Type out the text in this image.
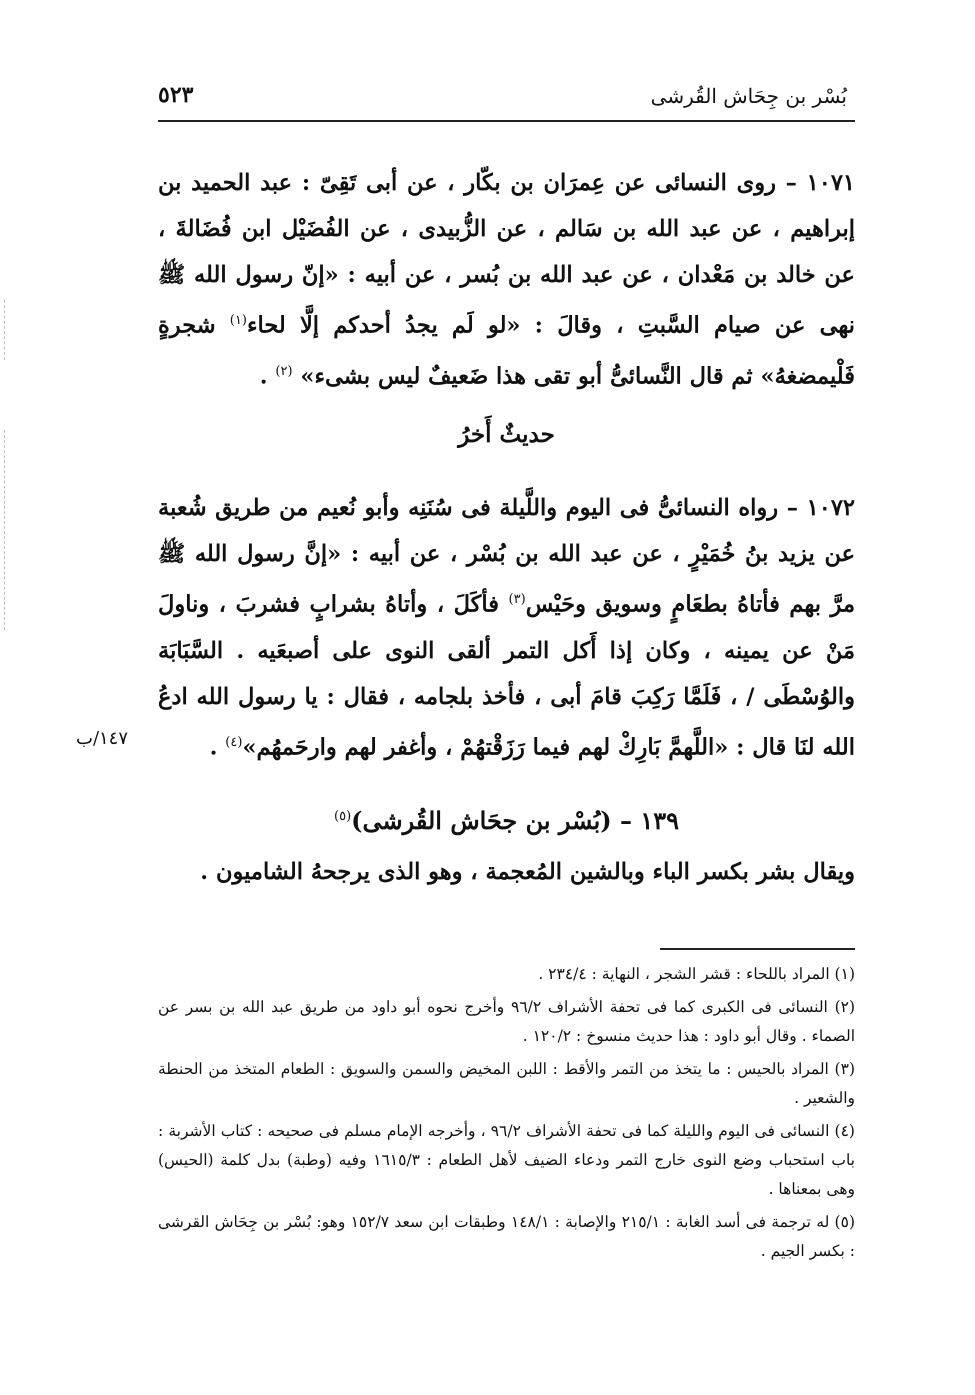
بُسْر بن جِحَاش القُرشى
٥٢٣

١٠٧١ – روى النسائى عن عِمرَان بن بكّار ، عن أبى تَقِىّ : عبد الحميد بن إبراهيم ، عن عبد الله بن سَالم ، عن الزُّبيدى ، عن الفُضَيْل ابن فُضَالةَ ، عن خالد بن مَعْدان ، عن عبد الله بن بُسر ، عن أبيه : «إنّ رسول الله ﷺ نهى عن صيام السَّبتِ ، وقالَ : «لو لَم يجدُ أحدكم إلَّا لحاء$^{(١)}$ شجرةٍ فَلْيمضغهُ» ثم قال النَّسائىُّ أبو تقى هذا ضَعيفٌ ليس بشىء» $^{(٢)}$ .

حديثٌ أَخرُ

١٠٧٢ – رواه النسائىُّ فى اليوم واللَّيلة فى سُنَنِه وأبو نُعيم من طريق شُعبة عن يزيد بنُ خُمَيْرٍ ، عن عبد الله بن بُسْر ، عن أبيه : «إنَّ رسول الله ﷺ مرَّ بهم فأتاهُ بطعَامٍ وسويق وحَيْس$^{(٣)}$ فأكَلَ ، وأتاهُ بشرابٍ فشربَ ، وناولَ مَنْ عن يمينه ، وكان إذا أَكل التمر ألقى النوى على أصبعَيه . السَّبَابَة والوُسْطَى / ، فَلَمَّا رَكِبَ قامَ أبى ، فأخذ بلجامه ، فقال : يا رسول الله ادعُ الله لنَا قال : «اللَّهمَّ بَارِكْ لهم فيما رَزَقْتهُمْ ، وأغفر لهم وارحَمهُم»$^{(٤)}$ .

١٣٩ – (بُسْر بن جحَاش القُرشى)$^{(٥)}$

ويقال بشر بكسر الباء وبالشين المُعجمة ، وهو الذى يرجحهُ الشاميون .

١٤٧/ب

(١) المراد باللحاء : قشر الشجر ، النهاية : ٢٣٤/٤ .

(٢) النسائى فى الكبرى كما فى تحفة الأشراف ٩٦/٢ وأخرج نحوه أبو داود من طريق عبد الله بن بسر عن الصماء . وقال أبو داود : هذا حديث منسوخ : ١٢٠/٢ .

(٣) المراد بالحيس : ما يتخذ من التمر والأقط : اللبن المخيض والسمن والسويق : الطعام المتخذ من الحنطة والشعير .

(٤) النسائى فى اليوم والليلة كما فى تحفة الأشراف ٩٦/٢ ، وأخرجه الإمام مسلم فى صحيحه : كتاب الأشربة : باب استحباب وضع النوى خارج التمر ودعاء الضيف لأهل الطعام : ١٦١٥/٣ وفيه (وطبة) بدل كلمة (الحيس) وهى بمعناها .

(٥) له ترجمة فى أسد الغابة : ٢١٥/١ والإصابة : ١٤٨/١ وطبقات ابن سعد ١٥٢/٧ وهو: بُسْر بن جِحَاش القرشى : بكسر الجيم .
